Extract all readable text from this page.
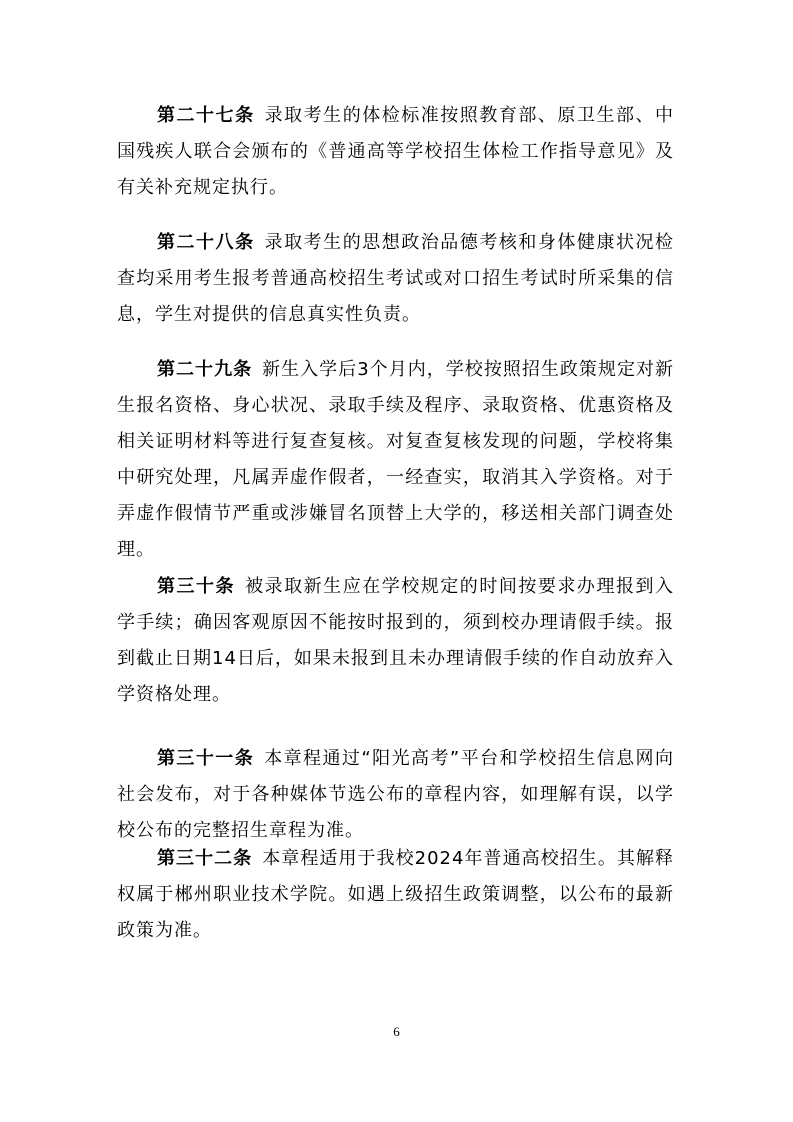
第二十七条 录取考生的体检标准按照教育部、原卫生部、中国残疾人联合会颁布的《普通高等学校招生体检工作指导意见》及有关补充规定执行。

第二十八条 录取考生的思想政治品德考核和身体健康状况检查均采用考生报考普通高校招生考试或对口招生考试时所采集的信息，学生对提供的信息真实性负责。

第二十九条 新生入学后3个月内，学校按照招生政策规定对新生报名资格、身心状况、录取手续及程序、录取资格、优惠资格及相关证明材料等进行复查复核。对复查复核发现的问题，学校将集中研究处理，凡属弄虚作假者，一经查实，取消其入学资格。对于弄虚作假情节严重或涉嫌冒名顶替上大学的，移送相关部门调查处理。

第三十条 被录取新生应在学校规定的时间按要求办理报到入学手续；确因客观原因不能按时报到的，须到校办理请假手续。报到截止日期14日后，如果未报到且未办理请假手续的作自动放弃入学资格处理。

第三十一条 本章程通过“阳光高考”平台和学校招生信息网向社会发布，对于各种媒体节选公布的章程内容，如理解有误，以学校公布的完整招生章程为准。

第三十二条 本章程适用于我校2024年普通高校招生。其解释权属于郴州职业技术学院。如遇上级招生政策调整，以公布的最新政策为准。

6
